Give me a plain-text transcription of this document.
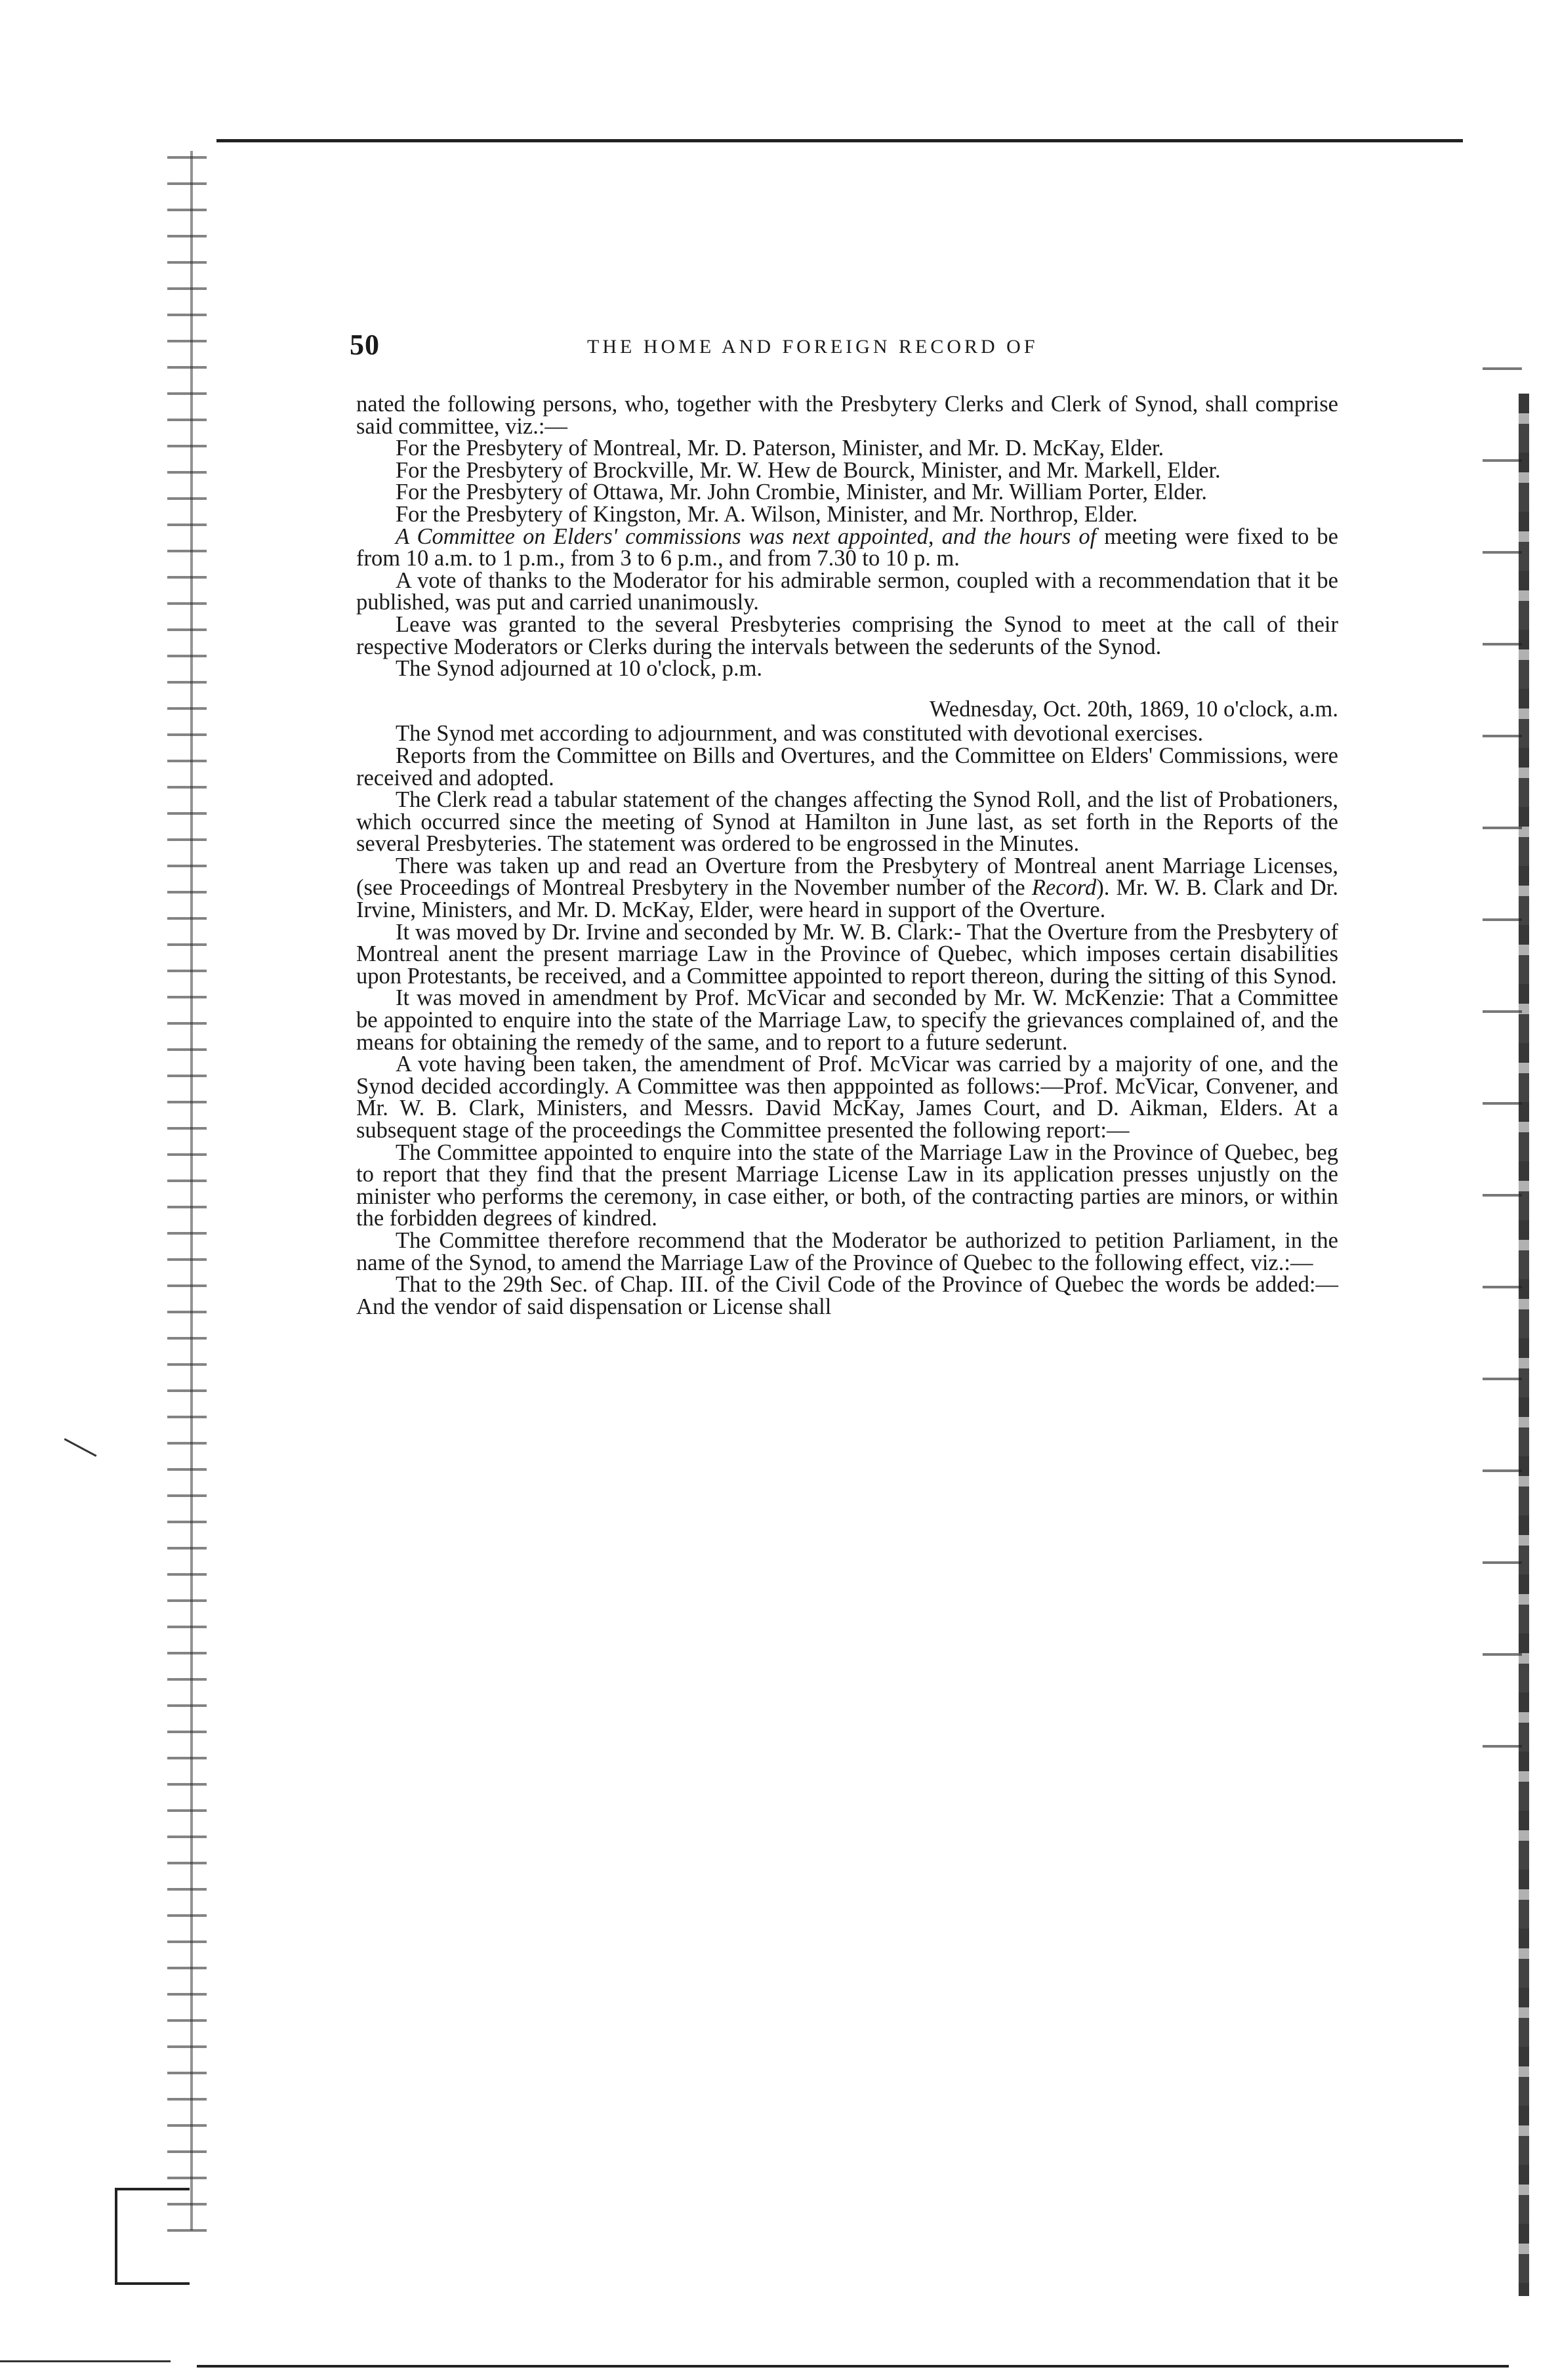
50	THE HOME AND FOREIGN RECORD OF

nated the following persons, who, together with the Presbytery Clerks and Clerk of Synod, shall comprise said committee, viz.:—

For the Presbytery of Montreal, Mr. D. Paterson, Minister, and Mr. D. McKay, Elder.

For the Presbytery of Brockville, Mr. W. Hew de Bourck, Minister, and Mr. Markell, Elder.

For the Presbytery of Ottawa, Mr. John Crombie, Minister, and Mr. William Porter, Elder.

For the Presbytery of Kingston, Mr. A. Wilson, Minister, and Mr. Northrop, Elder.

A Committee on Elders' commissions was next appointed, and the hours of meeting were fixed to be from 10 a.m. to 1 p.m., from 3 to 6 p.m., and from 7.30 to 10 p. m.

A vote of thanks to the Moderator for his admirable sermon, coupled with a recommendation that it be published, was put and carried unanimously.

Leave was granted to the several Presbyteries comprising the Synod to meet at the call of their respective Moderators or Clerks during the intervals between the sederunts of the Synod.

The Synod adjourned at 10 o'clock, p.m.

Wednesday, Oct. 20th, 1869, 10 o'clock, a.m.

The Synod met according to adjournment, and was constituted with devotional exercises.

Reports from the Committee on Bills and Overtures, and the Committee on Elders' Commissions, were received and adopted.

The Clerk read a tabular statement of the changes affecting the Synod Roll, and the list of Probationers, which occurred since the meeting of Synod at Hamilton in June last, as set forth in the Reports of the several Presbyteries. The statement was ordered to be engrossed in the Minutes.

There was taken up and read an Overture from the Presbytery of Montreal anent Marriage Licenses, (see Proceedings of Montreal Presbytery in the November number of the Record). Mr. W. B. Clark and Dr. Irvine, Ministers, and Mr. D. McKay, Elder, were heard in support of the Overture.

It was moved by Dr. Irvine and seconded by Mr. W. B. Clark:- That the Overture from the Presbytery of Montreal anent the present marriage Law in the Province of Quebec, which imposes certain disabilities upon Protestants, be received, and a Committee appointed to report thereon, during the sitting of this Synod.

It was moved in amendment by Prof. McVicar and seconded by Mr. W. McKenzie: That a Committee be appointed to enquire into the state of the Marriage Law, to specify the grievances complained of, and the means for obtaining the remedy of the same, and to report to a future sederunt.

A vote having been taken, the amendment of Prof. McVicar was carried by a majority of one, and the Synod decided accordingly. A Committee was then apppointed as follows:—Prof. McVicar, Convener, and Mr. W. B. Clark, Ministers, and Messrs. David McKay, James Court, and D. Aikman, Elders. At a subsequent stage of the proceedings the Committee presented the following report:—

The Committee appointed to enquire into the state of the Marriage Law in the Province of Quebec, beg to report that they find that the present Marriage License Law in its application presses unjustly on the minister who performs the ceremony, in case either, or both, of the contracting parties are minors, or within the forbidden degrees of kindred.

The Committee therefore recommend that the Moderator be authorized to petition Parliament, in the name of the Synod, to amend the Marriage Law of the Province of Quebec to the following effect, viz.:—

That to the 29th Sec. of Chap. III. of the Civil Code of the Province of Quebec the words be added:—And the vendor of said dispensation or License shall
